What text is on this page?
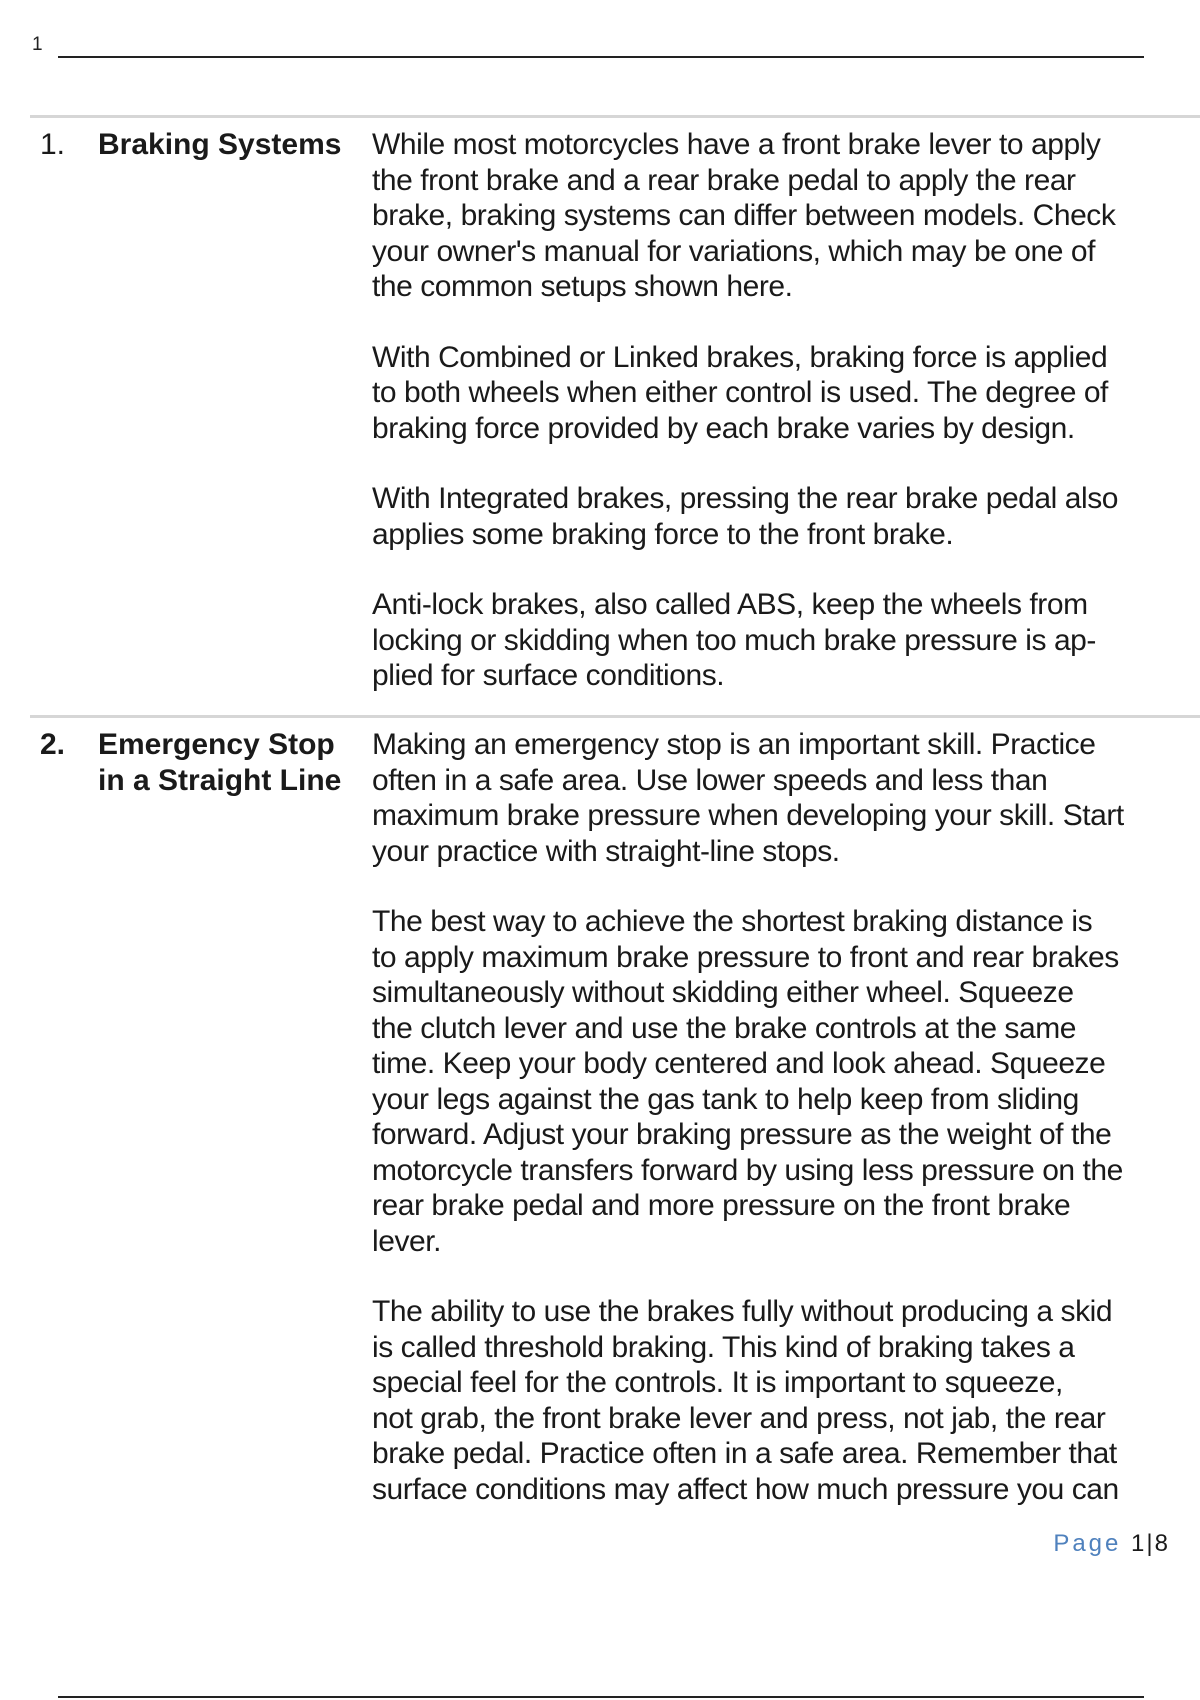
1
1. Braking Systems	While most motorcycles have a front brake lever to apply
the front brake and a rear brake pedal to apply the rear
brake, braking systems can differ between models. Check
your owner's manual for variations, which may be one of
the common setups shown here.

With Combined or Linked brakes, braking force is applied
to both wheels when either control is used. The degree of
braking force provided by each brake varies by design.

With Integrated brakes, pressing the rear brake pedal also
applies some braking force to the front brake.

Anti-lock brakes, also called ABS, keep the wheels from
locking or skidding when too much brake pressure is ap-
plied for surface conditions.

2. Emergency Stop
in a Straight Line

Making an emergency stop is an important skill. Practice
often in a safe area. Use lower speeds and less than
maximum brake pressure when developing your skill. Start
your practice with straight-line stops.

The best way to achieve the shortest braking distance is
to apply maximum brake pressure to front and rear brakes
simultaneously without skidding either wheel. Squeeze
the clutch lever and use the brake controls at the same
time. Keep your body centered and look ahead. Squeeze
your legs against the gas tank to help keep from sliding
forward. Adjust your braking pressure as the weight of the
motorcycle transfers forward by using less pressure on the
rear brake pedal and more pressure on the front brake
lever.

The ability to use the brakes fully without producing a skid
is called threshold braking. This kind of braking takes a
special feel for the controls. It is important to squeeze,
not grab, the front brake lever and press, not jab, the rear
brake pedal. Practice often in a safe area. Remember that
surface conditions may affect how much pressure you can

Page 1|8
